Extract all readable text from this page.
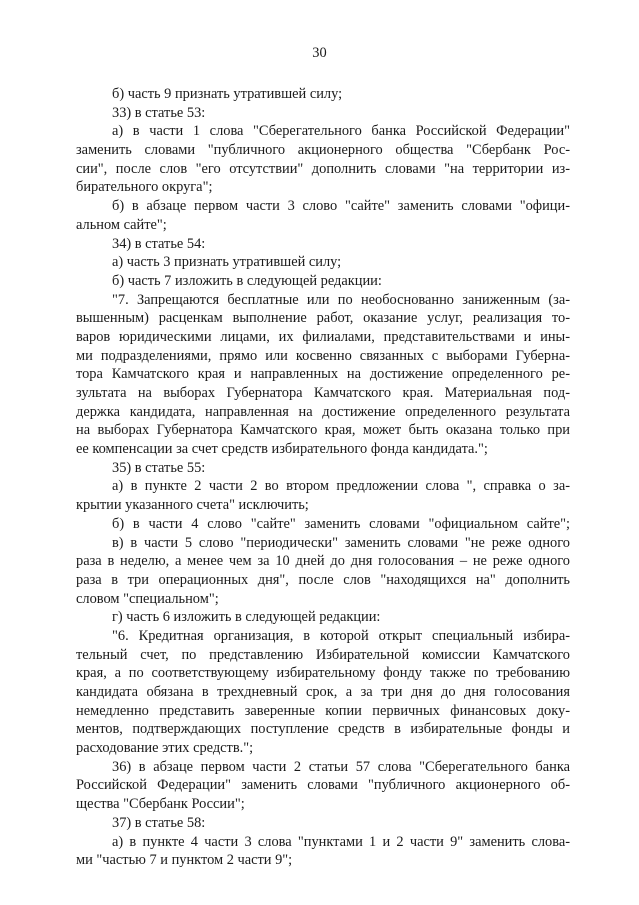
30
б) часть 9 признать утратившей силу;
33) в статье 53:
а) в части 1 слова "Сберегательного банка Российской Федерации"
заменить словами "публичного акционерного общества "Сбербанк Рос-
сии", после слов "его отсутствии" дополнить словами "на территории из-
бирательного округа";
б) в абзаце первом части 3 слово "сайте" заменить словами "офици-
альном сайте";
34) в статье 54:
а) часть 3 признать утратившей силу;
б) часть 7 изложить в следующей редакции:
"7. Запрещаются бесплатные или по необоснованно заниженным (за-
вышенным) расценкам выполнение работ, оказание услуг, реализация то-
варов юридическими лицами, их филиалами, представительствами и ины-
ми подразделениями, прямо или косвенно связанных с выборами Губерна-
тора Камчатского края и направленных на достижение определенного ре-
зультата на выборах Губернатора Камчатского края. Материальная под-
держка кандидата, направленная на достижение определенного результата
на выборах Губернатора Камчатского края, может быть оказана только при
ее компенсации за счет средств избирательного фонда кандидата.";
35) в статье 55:
а) в пункте 2 части 2 во втором предложении слова ", справка о за-
крытии указанного счета" исключить;
б) в части 4 слово "сайте" заменить словами "официальном сайте";
в) в части 5 слово "периодически" заменить словами "не реже одного
раза в неделю, а менее чем за 10 дней до дня голосования – не реже одного
раза в три операционных дня", после слов "находящихся на" дополнить
словом "специальном";
г) часть 6 изложить в следующей редакции:
"6. Кредитная организация, в которой открыт специальный избира-
тельный счет, по представлению Избирательной комиссии Камчатского
края, а по соответствующему избирательному фонду также по требованию
кандидата обязана в трехдневный срок, а за три дня до дня голосования
немедленно представить заверенные копии первичных финансовых доку-
ментов, подтверждающих поступление средств в избирательные фонды и
расходование этих средств.";
36) в абзаце первом части 2 статьи 57 слова "Сберегательного банка
Российской Федерации" заменить словами "публичного акционерного об-
щества "Сбербанк России";
37) в статье 58:
а) в пункте 4 части 3 слова "пунктами 1 и 2 части 9" заменить слова-
ми "частью 7 и пунктом 2 части 9";
